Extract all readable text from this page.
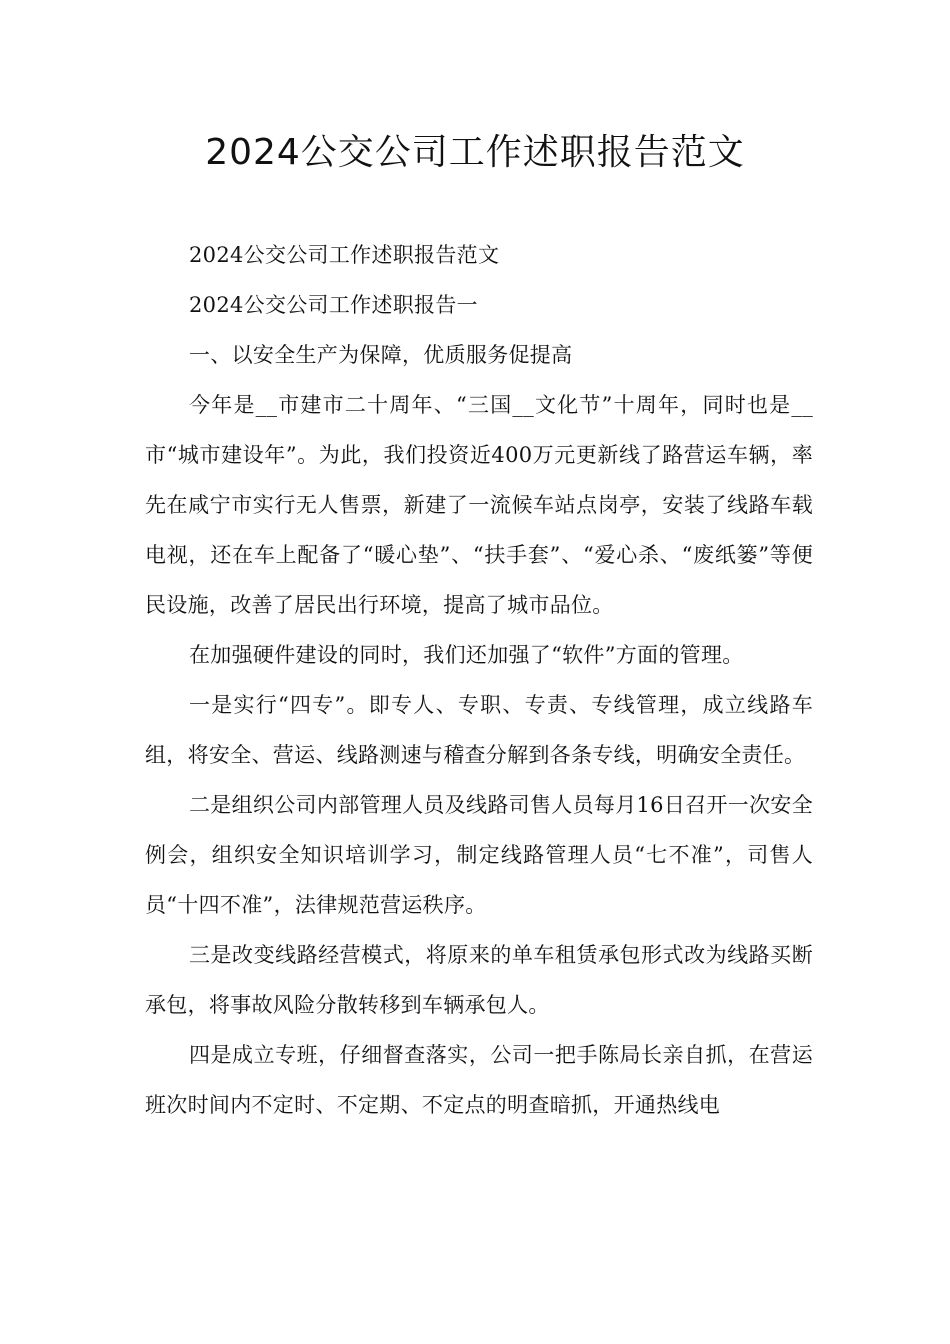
2024公交公司工作述职报告范文

2024公交公司工作述职报告范文

2024公交公司工作述职报告一

一、以安全生产为保障，优质服务促提高

今年是__市建市二十周年、“三国__文化节”十周年，同时也是__市“城市建设年”。为此，我们投资近400万元更新线了路营运车辆，率先在咸宁市实行无人售票，新建了一流候车站点岗亭，安装了线路车载电视，还在车上配备了“暖心垫”、“扶手套”、“爱心杀、“废纸篓”等便民设施，改善了居民出行环境，提高了城市品位。

在加强硬件建设的同时，我们还加强了“软件”方面的管理。

一是实行“四专”。即专人、专职、专责、专线管理，成立线路车组，将安全、营运、线路测速与稽查分解到各条专线，明确安全责任。

二是组织公司内部管理人员及线路司售人员每月16日召开一次安全例会，组织安全知识培训学习，制定线路管理人员“七不准”，司售人员“十四不准”，法律规范营运秩序。

三是改变线路经营模式，将原来的单车租赁承包形式改为线路买断承包，将事故风险分散转移到车辆承包人。

四是成立专班，仔细督查落实，公司一把手陈局长亲自抓，在营运班次时间内不定时、不定期、不定点的明查暗抓，开通热线电
